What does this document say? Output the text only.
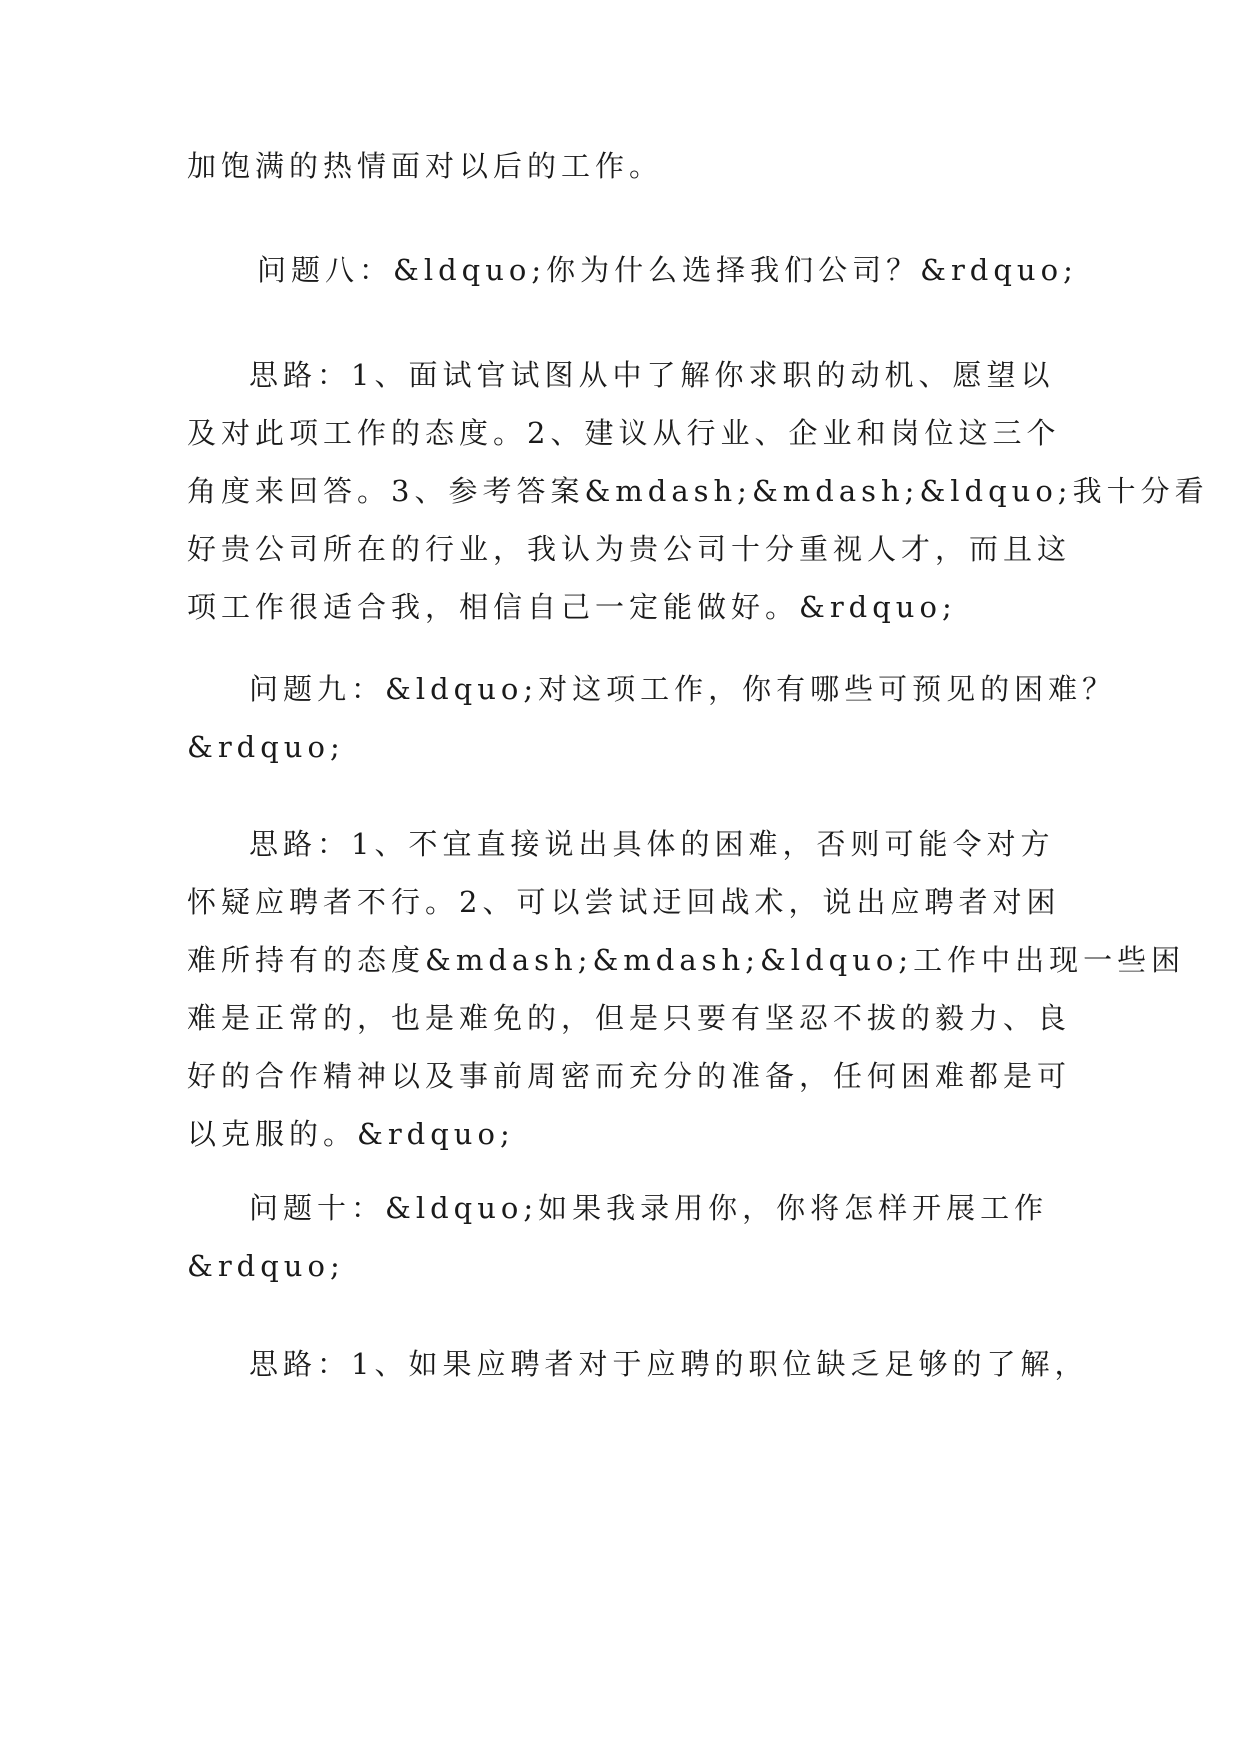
加饱满的热情面对以后的工作。

问题八：&ldquo;你为什么选择我们公司？&rdquo;

思路：1、面试官试图从中了解你求职的动机、愿望以
及对此项工作的态度。2、建议从行业、企业和岗位这三个
角度来回答。3、参考答案&mdash;&mdash;&ldquo;我十分看
好贵公司所在的行业，我认为贵公司十分重视人才，而且这
项工作很适合我，相信自己一定能做好。&rdquo;

问题九：&ldquo;对这项工作，你有哪些可预见的困难？
&rdquo;

思路：1、不宜直接说出具体的困难，否则可能令对方
怀疑应聘者不行。2、可以尝试迂回战术，说出应聘者对困
难所持有的态度&mdash;&mdash;&ldquo;工作中出现一些困
难是正常的，也是难免的，但是只要有坚忍不拔的毅力、良
好的合作精神以及事前周密而充分的准备，任何困难都是可
以克服的。&rdquo;

问题十：&ldquo;如果我录用你，你将怎样开展工作
&rdquo;

思路：1、如果应聘者对于应聘的职位缺乏足够的了解，
